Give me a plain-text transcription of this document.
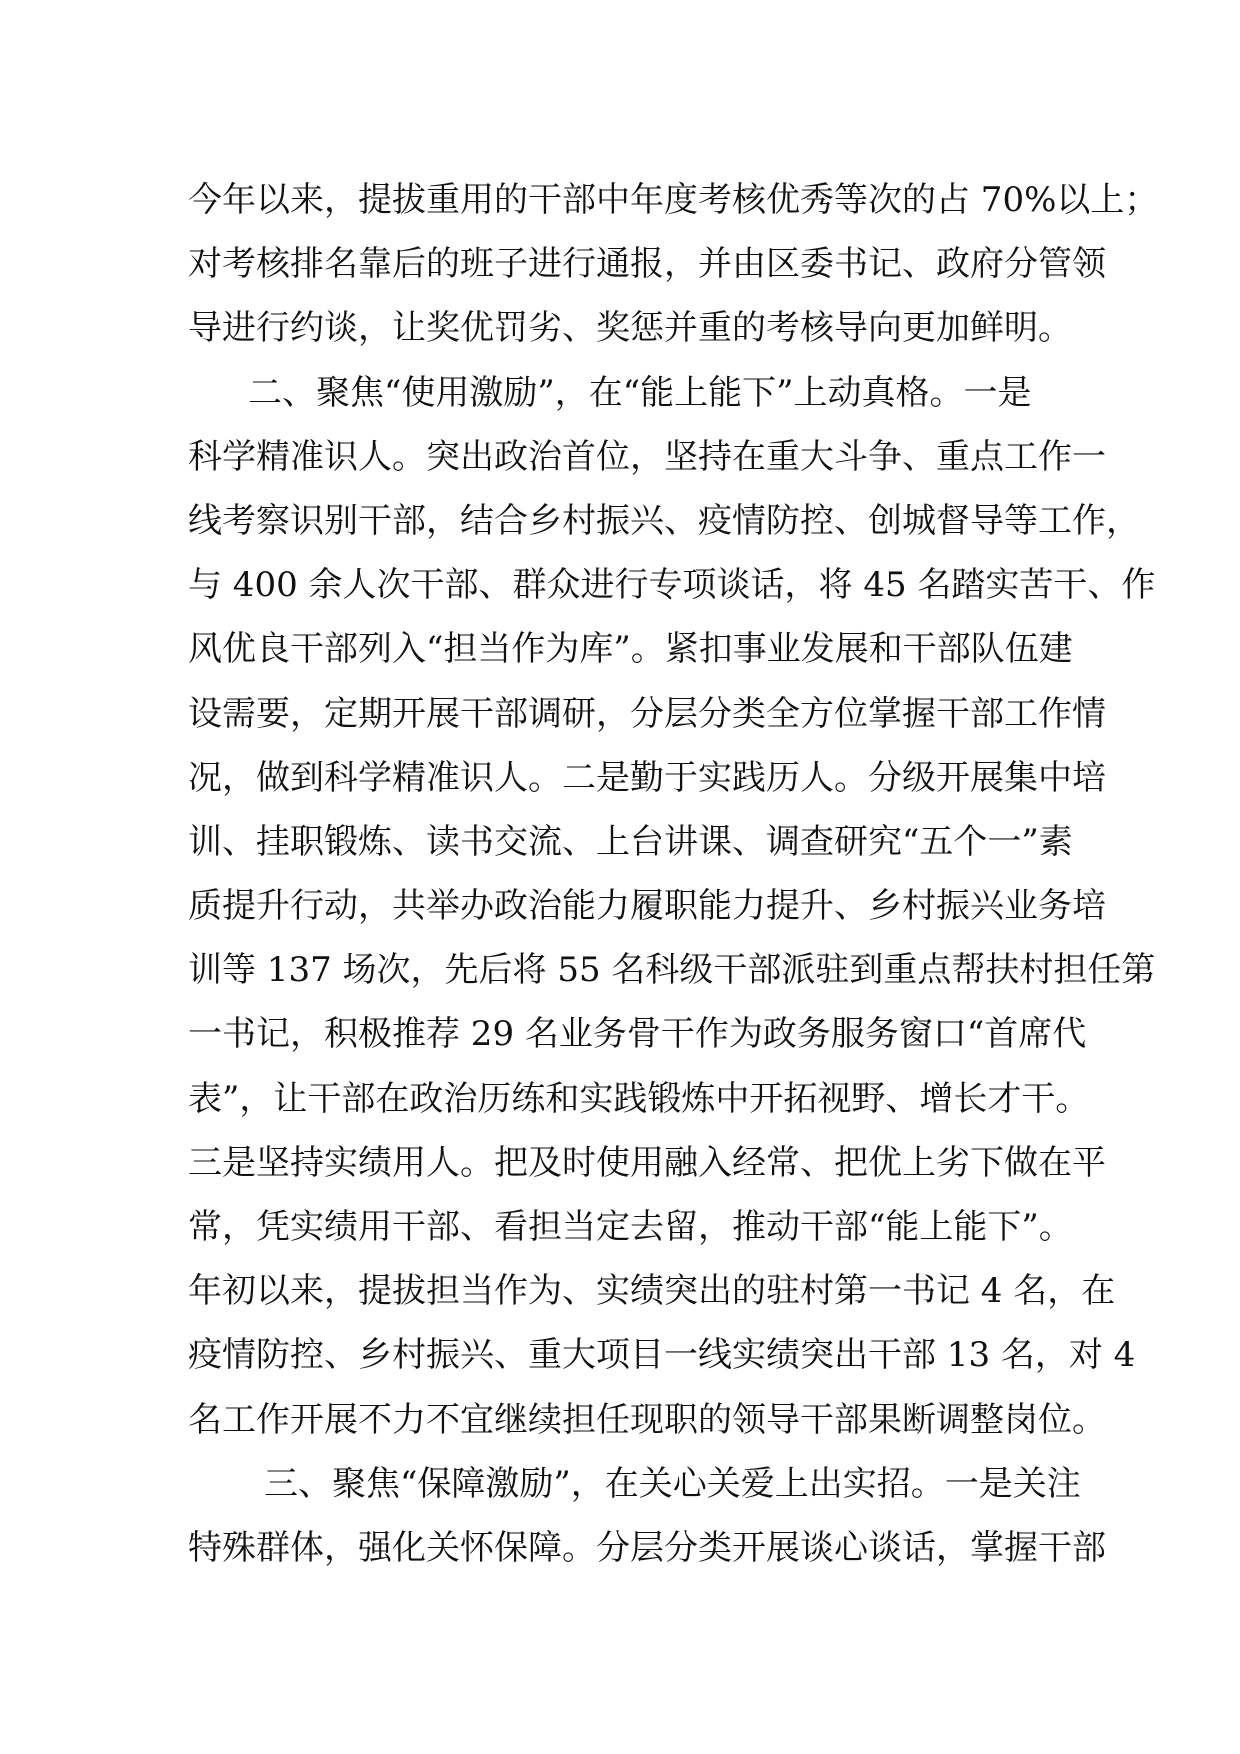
今年以来，提拔重用的干部中年度考核优秀等次的占 70%以上；
对考核排名靠后的班子进行通报，并由区委书记、政府分管领
导进行约谈，让奖优罚劣、奖惩并重的考核导向更加鲜明。
二、聚焦“使用激励”，在“能上能下”上动真格。一是
科学精准识人。突出政治首位，坚持在重大斗争、重点工作一
线考察识别干部，结合乡村振兴、疫情防控、创城督导等工作，
与 400 余人次干部、群众进行专项谈话，将 45 名踏实苦干、作
风优良干部列入“担当作为库”。紧扣事业发展和干部队伍建
设需要，定期开展干部调研，分层分类全方位掌握干部工作情
况，做到科学精准识人。二是勤于实践历人。分级开展集中培
训、挂职锻炼、读书交流、上台讲课、调查研究“五个一”素
质提升行动，共举办政治能力履职能力提升、乡村振兴业务培
训等 137 场次，先后将 55 名科级干部派驻到重点帮扶村担任第
一书记，积极推荐 29 名业务骨干作为政务服务窗口“首席代
表”，让干部在政治历练和实践锻炼中开拓视野、增长才干。
三是坚持实绩用人。把及时使用融入经常、把优上劣下做在平
常，凭实绩用干部、看担当定去留，推动干部“能上能下”。
年初以来，提拔担当作为、实绩突出的驻村第一书记 4 名，在
疫情防控、乡村振兴、重大项目一线实绩突出干部 13 名，对 4
名工作开展不力不宜继续担任现职的领导干部果断调整岗位。
三、聚焦“保障激励”，在关心关爱上出实招。一是关注
特殊群体，强化关怀保障。分层分类开展谈心谈话，掌握干部
